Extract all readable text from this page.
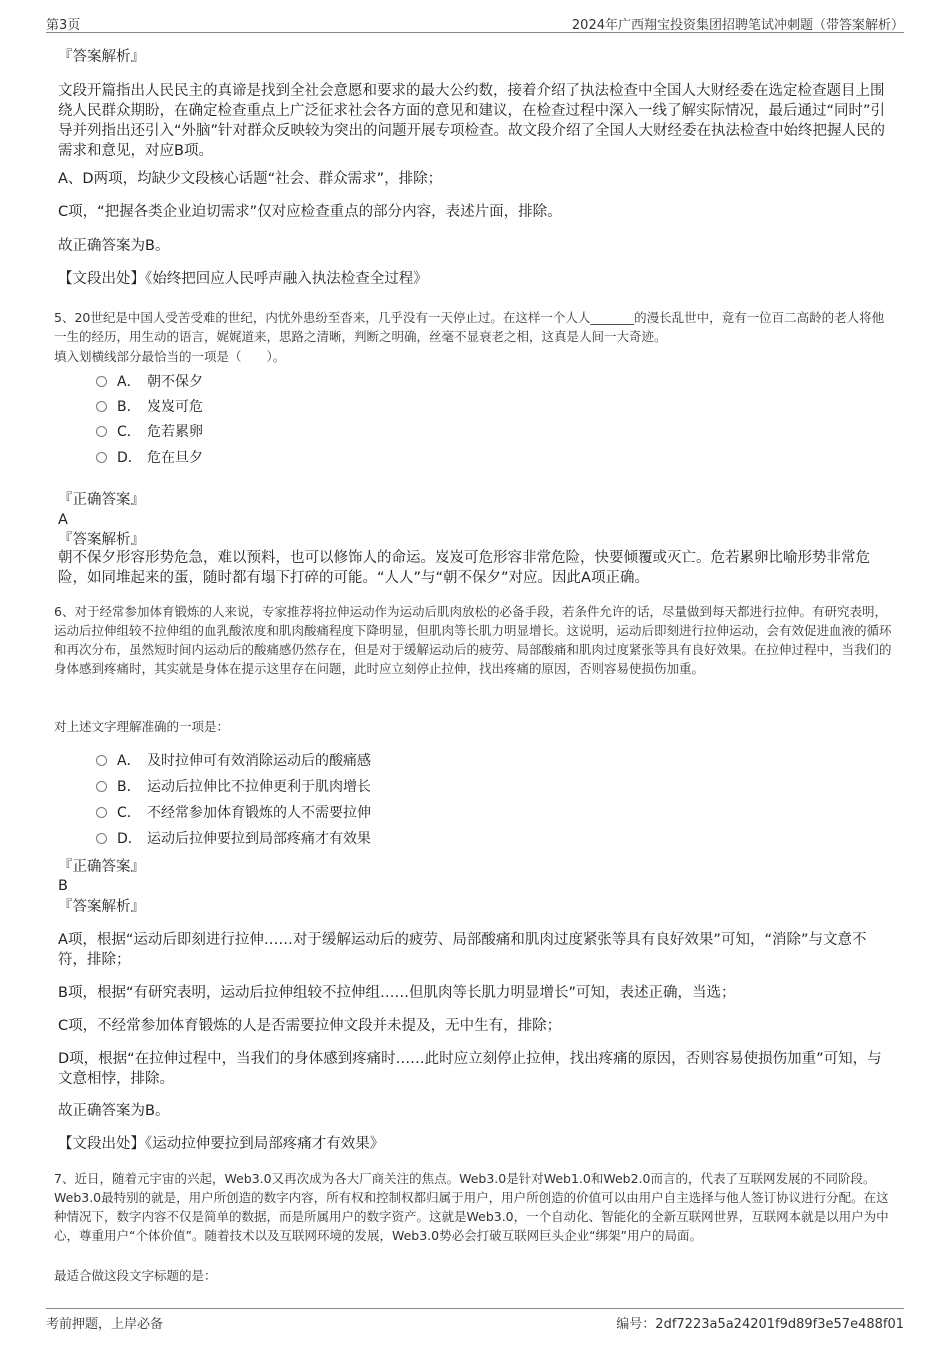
第3页	2024年广西翔宝投资集团招聘笔试冲刺题（带答案解析）
『答案解析』
文段开篇指出人民民主的真谛是找到全社会意愿和要求的最大公约数，接着介绍了执法检查中全国人大财经委在选定检查题目上围绕人民群众期盼，在确定检查重点上广泛征求社会各方面的意见和建议，在检查过程中深入一线了解实际情况，最后通过“同时”引导并列指出还引入“外脑”针对群众反映较为突出的问题开展专项检查。故文段介绍了全国人大财经委在执法检查中始终把握人民的需求和意见，对应B项。
A、D两项，均缺少文段核心话题“社会、群众需求”，排除；
C项，“把握各类企业迫切需求”仅对应检查重点的部分内容，表述片面，排除。
故正确答案为B。
【文段出处】《始终把回应人民呼声融入执法检查全过程》
5、20世纪是中国人受苦受难的世纪，内忧外患纷至沓来，几乎没有一天停止过。在这样一个人人_______的漫长乱世中，竟有一位百二高龄的老人将他一生的经历，用生动的语言，娓娓道来，思路之清晰，判断之明确，丝毫不显衰老之相，这真是人间一大奇迹。
填入划横线部分最恰当的一项是（　　）。
A． 朝不保夕
B． 岌岌可危
C． 危若累卵
D． 危在旦夕
『正确答案』
A
『答案解析』
朝不保夕形容形势危急，难以预料，也可以修饰人的命运。岌岌可危形容非常危险，快要倾覆或灭亡。危若累卵比喻形势非常危险，如同堆起来的蛋，随时都有塌下打碎的可能。“人人”与“朝不保夕”对应。因此A项正确。
6、对于经常参加体育锻炼的人来说，专家推荐将拉伸运动作为运动后肌肉放松的必备手段，若条件允许的话，尽量做到每天都进行拉伸。有研究表明，运动后拉伸组较不拉伸组的血乳酸浓度和肌肉酸痛程度下降明显，但肌肉等长肌力明显增长。这说明，运动后即刻进行拉伸运动，会有效促进血液的循环和再次分布，虽然短时间内运动后的酸痛感仍然存在，但是对于缓解运动后的疲劳、局部酸痛和肌肉过度紧张等具有良好效果。在拉伸过程中，当我们的身体感到疼痛时，其实就是身体在提示这里存在问题，此时应立刻停止拉伸，找出疼痛的原因，否则容易使损伤加重。
对上述文字理解准确的一项是：
A． 及时拉伸可有效消除运动后的酸痛感
B． 运动后拉伸比不拉伸更利于肌肉增长
C． 不经常参加体育锻炼的人不需要拉伸
D． 运动后拉伸要拉到局部疼痛才有效果
『正确答案』
B
『答案解析』
A项，根据“运动后即刻进行拉伸……对于缓解运动后的疲劳、局部酸痛和肌肉过度紧张等具有良好效果”可知，“消除”与文意不符，排除；
B项，根据“有研究表明，运动后拉伸组较不拉伸组……但肌肉等长肌力明显增长”可知，表述正确，当选；
C项，不经常参加体育锻炼的人是否需要拉伸文段并未提及，无中生有，排除；
D项，根据“在拉伸过程中，当我们的身体感到疼痛时……此时应立刻停止拉伸，找出疼痛的原因，否则容易使损伤加重”可知，与文意相悖，排除。
故正确答案为B。
【文段出处】《运动拉伸要拉到局部疼痛才有效果》
7、近日，随着元宇宙的兴起，Web3.0又再次成为各大厂商关注的焦点。Web3.0是针对Web1.0和Web2.0而言的，代表了互联网发展的不同阶段。Web3.0最特别的就是，用户所创造的数字内容，所有权和控制权都归属于用户，用户所创造的价值可以由用户自主选择与他人签订协议进行分配。在这种情况下，数字内容不仅是简单的数据，而是所属用户的数字资产。这就是Web3.0，一个自动化、智能化的全新互联网世界，互联网本就是以用户为中心，尊重用户“个体价值”。随着技术以及互联网环境的发展，Web3.0势必会打破互联网巨头企业“绑架”用户的局面。
最适合做这段文字标题的是：
考前押题，上岸必备	编号：2df7223a5a24201f9d89f3e57e488f01
